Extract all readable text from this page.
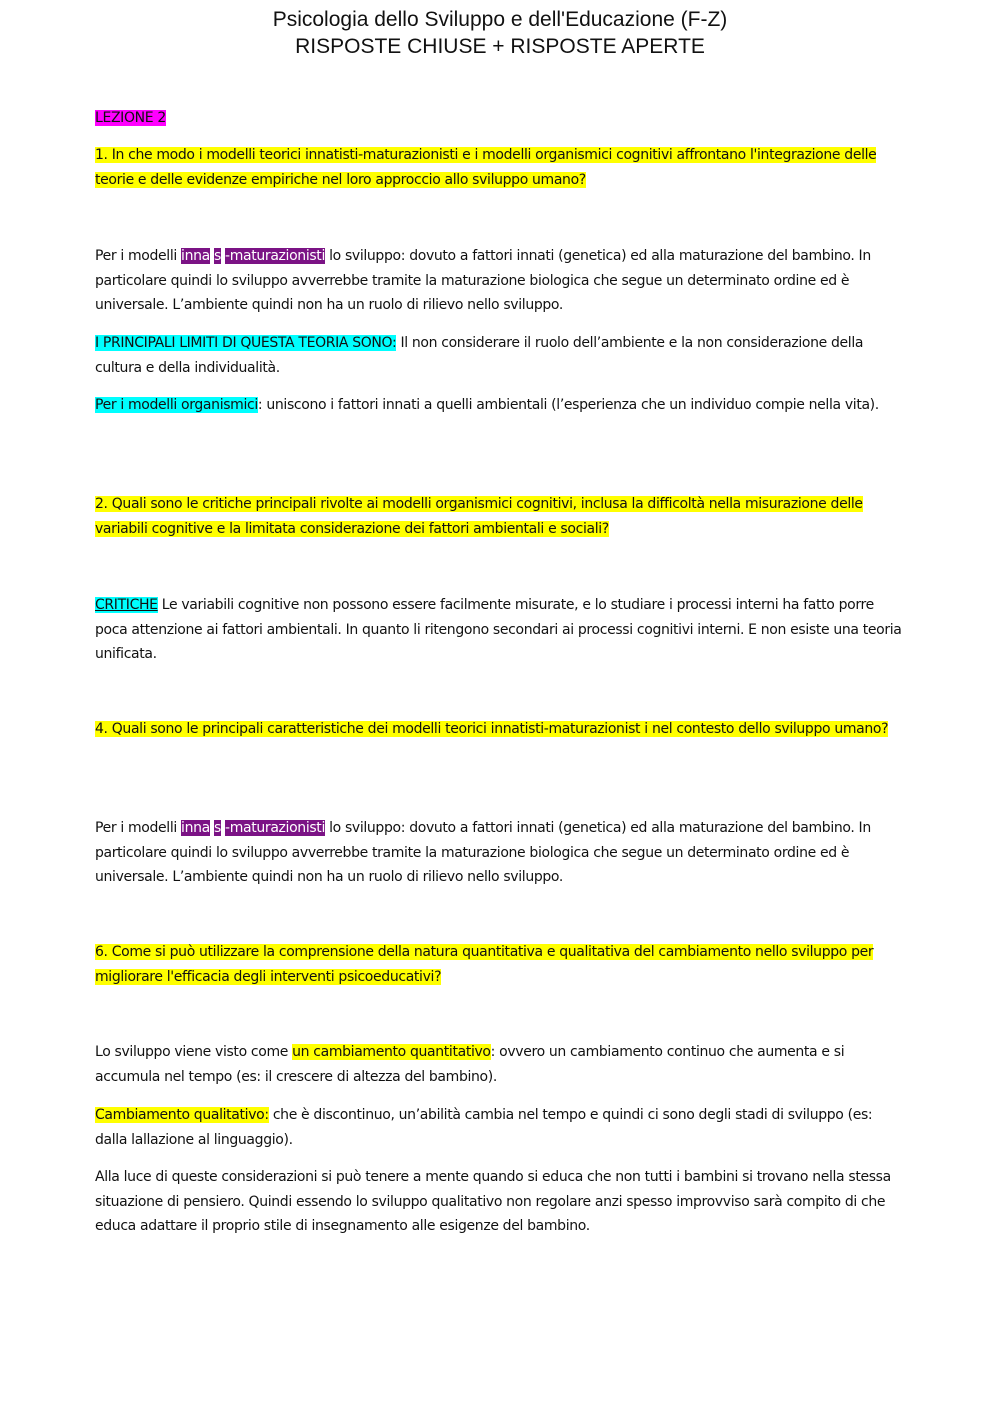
Psicologia dello Sviluppo e dell'Educazione (F-Z)
RISPOSTE CHIUSE + RISPOSTE APERTE

LEZIONE 2

1. In che modo i modelli teorici innatisti-maturazionisti e i modelli organismici cognitivi affrontano l'integrazione delle teorie e delle evidenze empiriche nel loro approccio allo sviluppo umano?

Per i modelli inna s -maturazionisti lo sviluppo: dovuto a fattori innati (genetica) ed alla maturazione del bambino. In particolare quindi lo sviluppo avverrebbe tramite la maturazione biologica che segue un determinato ordine ed è universale. L’ambiente quindi non ha un ruolo di rilievo nello sviluppo.

I PRINCIPALI LIMITI DI QUESTA TEORIA SONO: Il non considerare il ruolo dell’ambiente e la non considerazione della cultura e della individualità.

Per i modelli organismici: uniscono i fattori innati a quelli ambientali (l’esperienza che un individuo compie nella vita).

2. Quali sono le critiche principali rivolte ai modelli organismici cognitivi, inclusa la difficoltà nella misurazione delle variabili cognitive e la limitata considerazione dei fattori ambientali e sociali?

CRITICHE Le variabili cognitive non possono essere facilmente misurate, e lo studiare i processi interni ha fatto porre poca attenzione ai fattori ambientali. In quanto li ritengono secondari ai processi cognitivi interni. E non esiste una teoria unificata.

4. Quali sono le principali caratteristiche dei modelli teorici innatisti-maturazionist i nel contesto dello sviluppo umano?

Per i modelli inna s -maturazionisti lo sviluppo: dovuto a fattori innati (genetica) ed alla maturazione del bambino. In particolare quindi lo sviluppo avverrebbe tramite la maturazione biologica che segue un determinato ordine ed è universale. L’ambiente quindi non ha un ruolo di rilievo nello sviluppo.

6. Come si può utilizzare la comprensione della natura quantitativa e qualitativa del cambiamento nello sviluppo per migliorare l'efficacia degli interventi psicoeducativi?

Lo sviluppo viene visto come un cambiamento quantitativo: ovvero un cambiamento continuo che aumenta e si accumula nel tempo (es: il crescere di altezza del bambino).

Cambiamento qualitativo: che è discontinuo, un’abilità cambia nel tempo e quindi ci sono degli stadi di sviluppo (es: dalla lallazione al linguaggio).

Alla luce di queste considerazioni si può tenere a mente quando si educa che non tutti i bambini si trovano nella stessa situazione di pensiero. Quindi essendo lo sviluppo qualitativo non regolare anzi spesso improvviso sarà compito di che educa adattare il proprio stile di insegnamento alle esigenze del bambino.
